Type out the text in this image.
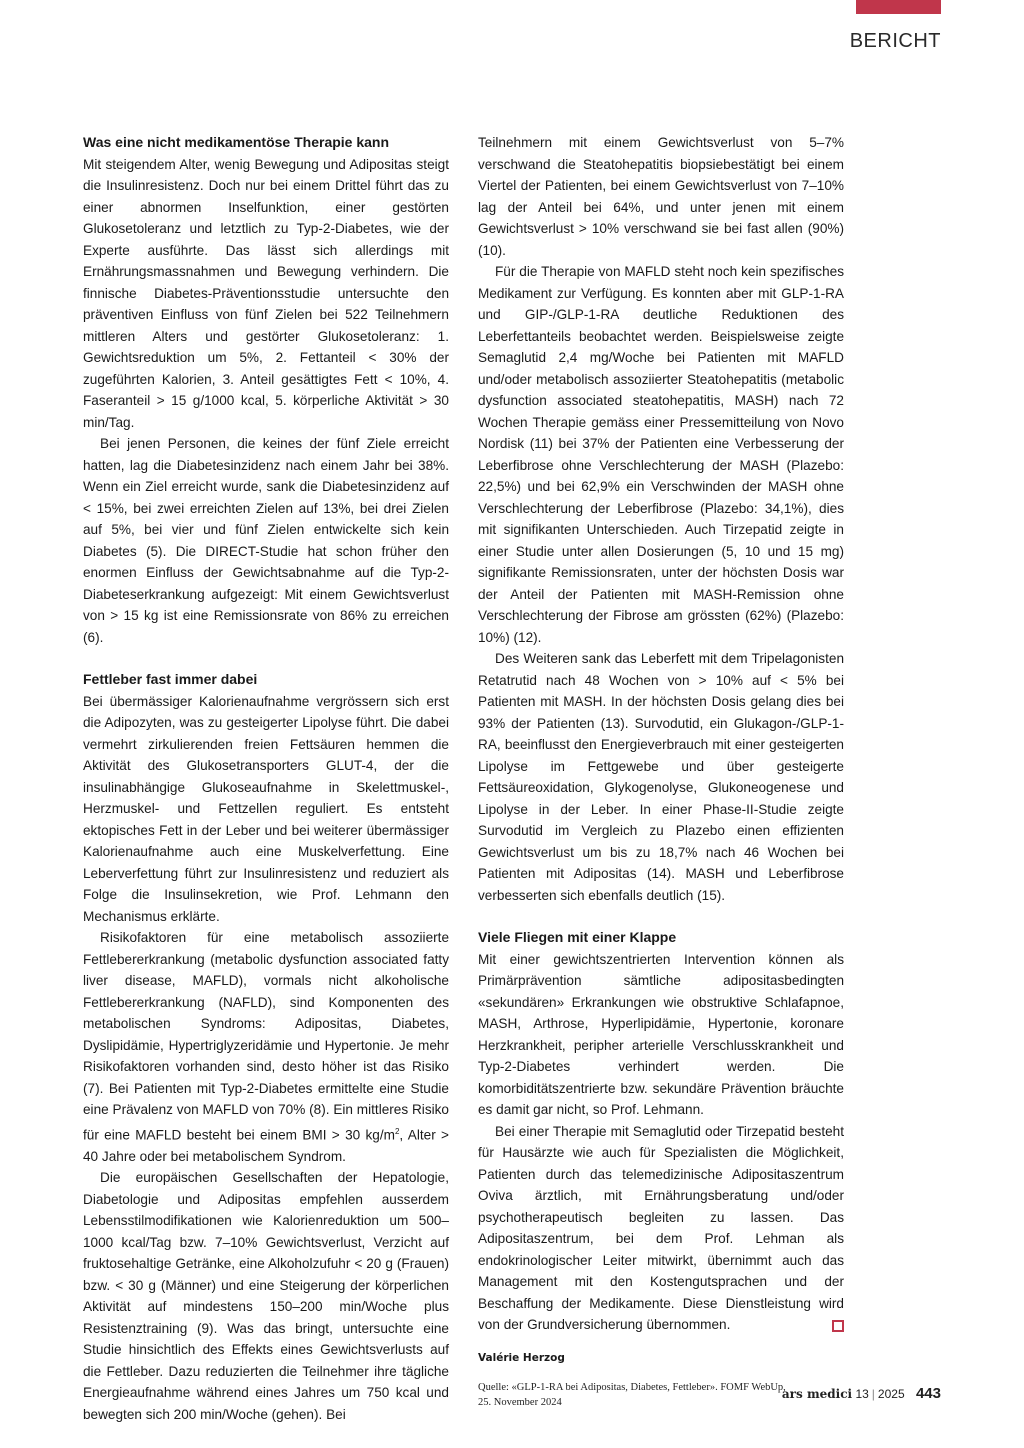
BERICHT
Was eine nicht medikamentöse Therapie kann

Mit steigendem Alter, wenig Bewegung und Adipositas steigt die Insulinresistenz. Doch nur bei einem Drittel führt das zu einer abnormen Inselfunktion, einer gestörten Glukosetoleranz und letztlich zu Typ-2-Diabetes, wie der Experte ausführte. Das lässt sich allerdings mit Ernährungsmassnahmen und Bewegung verhindern. Die finnische Diabetes-Präventionsstudie untersuchte den präventiven Einfluss von fünf Zielen bei 522 Teilnehmern mittleren Alters und gestörter Glukosetoleranz: 1. Gewichtsreduktion um 5%, 2. Fettanteil < 30% der zugeführten Kalorien, 3. Anteil gesättigtes Fett < 10%, 4. Faseranteil > 15 g/1000 kcal, 5. körperliche Aktivität > 30 min/Tag.

Bei jenen Personen, die keines der fünf Ziele erreicht hatten, lag die Diabetesinzidenz nach einem Jahr bei 38%. Wenn ein Ziel erreicht wurde, sank die Diabetesinzidenz auf < 15%, bei zwei erreichten Zielen auf 13%, bei drei Zielen auf 5%, bei vier und fünf Zielen entwickelte sich kein Diabetes (5). Die DIRECT-Studie hat schon früher den enormen Einfluss der Gewichtsabnahme auf die Typ-2-Diabeteserkrankung aufgezeigt: Mit einem Gewichtsverlust von > 15 kg ist eine Remissionsrate von 86% zu erreichen (6).

Fettleber fast immer dabei

Bei übermässiger Kalorienaufnahme vergrössern sich erst die Adipozyten, was zu gesteigerter Lipolyse führt. Die dabei vermehrt zirkulierenden freien Fettsäuren hemmen die Aktivität des Glukosetransporters GLUT-4, der die insulinabhängige Glukoseaufnahme in Skelettmuskel-, Herzmuskel- und Fettzellen reguliert. Es entsteht ektopisches Fett in der Leber und bei weiterer übermässiger Kalorienaufnahme auch eine Muskelverfettung. Eine Leberverfettung führt zur Insulinresistenz und reduziert als Folge die Insulinsekretion, wie Prof. Lehmann den Mechanismus erklärte.

Risikofaktoren für eine metabolisch assoziierte Fettlebererkrankung (metabolic dysfunction associated fatty liver disease, MAFLD), vormals nicht alkoholische Fettlebererkrankung (NAFLD), sind Komponenten des metabolischen Syndroms: Adipositas, Diabetes, Dyslipidämie, Hypertriglyzeridämie und Hypertonie. Je mehr Risikofaktoren vorhanden sind, desto höher ist das Risiko (7). Bei Patienten mit Typ-2-Diabetes ermittelte eine Studie eine Prävalenz von MAFLD von 70% (8). Ein mittleres Risiko für eine MAFLD besteht bei einem BMI > 30 $kg/m^2$, Alter > 40 Jahre oder bei metabolischem Syndrom.

Die europäischen Gesellschaften der Hepatologie, Diabetologie und Adipositas empfehlen ausserdem Lebensstilmodifikationen wie Kalorienreduktion um 500–1000 kcal/Tag bzw. 7–10% Gewichtsverlust, Verzicht auf fruktosehaltige Getränke, eine Alkoholzufuhr < 20 g (Frauen) bzw. < 30 g (Männer) und eine Steigerung der körperlichen Aktivität auf mindestens 150–200 min/Woche plus Resistenztraining (9). Was das bringt, untersuchte eine Studie hinsichtlich des Effekts eines Gewichtsverlusts auf die Fettleber. Dazu reduzierten die Teilnehmer ihre tägliche Energieaufnahme während eines Jahres um 750 kcal und bewegten sich 200 min/Woche (gehen). Bei

Teilnehmern mit einem Gewichtsverlust von 5–7% verschwand die Steatohepatitis biopsiebestätigt bei einem Viertel der Patienten, bei einem Gewichtsverlust von 7–10% lag der Anteil bei 64%, und unter jenen mit einem Gewichtsverlust > 10% verschwand sie bei fast allen (90%) (10).

Für die Therapie von MAFLD steht noch kein spezifisches Medikament zur Verfügung. Es konnten aber mit GLP-1-RA und GIP-/GLP-1-RA deutliche Reduktionen des Leberfettanteils beobachtet werden. Beispielsweise zeigte Semaglutid 2,4 mg/Woche bei Patienten mit MAFLD und/oder metabolisch assoziierter Steatohepatitis (metabolic dysfunction associated steatohepatitis, MASH) nach 72 Wochen Therapie gemäss einer Pressemitteilung von Novo Nordisk (11) bei 37% der Patienten eine Verbesserung der Leberfibrose ohne Verschlechterung der MASH (Plazebo: 22,5%) und bei 62,9% ein Verschwinden der MASH ohne Verschlechterung der Leberfibrose (Plazebo: 34,1%), dies mit signifikanten Unterschieden. Auch Tirzepatid zeigte in einer Studie unter allen Dosierungen (5, 10 und 15 mg) signifikante Remissionsraten, unter der höchsten Dosis war der Anteil der Patienten mit MASH-Remission ohne Verschlechterung der Fibrose am grössten (62%) (Plazebo: 10%) (12).

Des Weiteren sank das Leberfett mit dem Tripelagonisten Retatrutid nach 48 Wochen von > 10% auf < 5% bei Patienten mit MASH. In der höchsten Dosis gelang dies bei 93% der Patienten (13). Survodutid, ein Glukagon-/GLP-1-RA, beeinflusst den Energieverbrauch mit einer gesteigerten Lipolyse im Fettgewebe und über gesteigerte Fettsäureoxidation, Glykogenolyse, Glukoneogenese und Lipolyse in der Leber. In einer Phase-II-Studie zeigte Survodutid im Vergleich zu Plazebo einen effizienten Gewichtsverlust um bis zu 18,7% nach 46 Wochen bei Patienten mit Adipositas (14). MASH und Leberfibrose verbesserten sich ebenfalls deutlich (15).

Viele Fliegen mit einer Klappe

Mit einer gewichtszentrierten Intervention können als Primärprävention sämtliche adipositasbedingten «sekundären» Erkrankungen wie obstruktive Schlafapnoe, MASH, Arthrose, Hyperlipidämie, Hypertonie, koronare Herzkrankheit, peripher arterielle Verschlusskrankheit und Typ-2-Diabetes verhindert werden. Die komorbiditätszentrierte bzw. sekundäre Prävention bräuchte es damit gar nicht, so Prof. Lehmann.

Bei einer Therapie mit Semaglutid oder Tirzepatid besteht für Hausärzte wie auch für Spezialisten die Möglichkeit, Patienten durch das telemedizinische Adipositaszentrum Oviva ärztlich, mit Ernährungsberatung und/oder psychotherapeutisch begleiten zu lassen. Das Adipositaszentrum, bei dem Prof. Lehman als endokrinologischer Leiter mitwirkt, übernimmt auch das Management mit den Kostengutsprachen und der Beschaffung der Medikamente. Diese Dienstleistung wird von der Grundversicherung übernommen.

Valérie Herzog
Quelle: «GLP-1-RA bei Adipositas, Diabetes, Fettleber». FOMF WebUp,
25. November 2024
ars medici 13 | 2025 443
